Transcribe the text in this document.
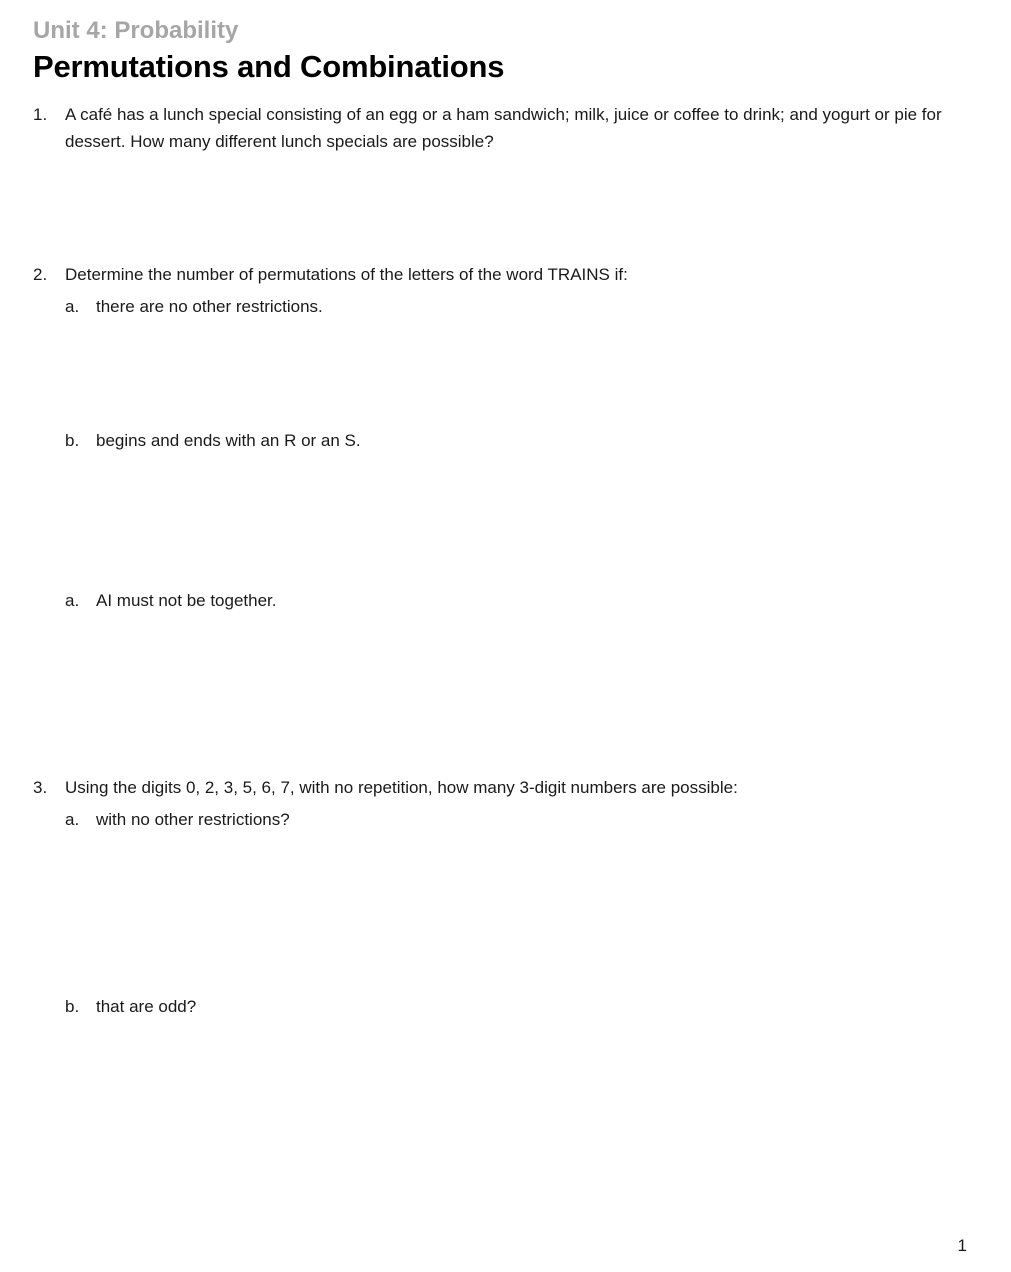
Unit 4: Probability
Permutations and Combinations
1. A café has a lunch special consisting of an egg or a ham sandwich; milk, juice or coffee to drink; and yogurt or pie for dessert. How many different lunch specials are possible?
2. Determine the number of permutations of the letters of the word TRAINS if:
a. there are no other restrictions.
b. begins and ends with an R or an S.
a. AI must not be together.
3. Using the digits 0, 2, 3, 5, 6, 7, with no repetition, how many 3-digit numbers are possible:
a. with no other restrictions?
b. that are odd?
1
